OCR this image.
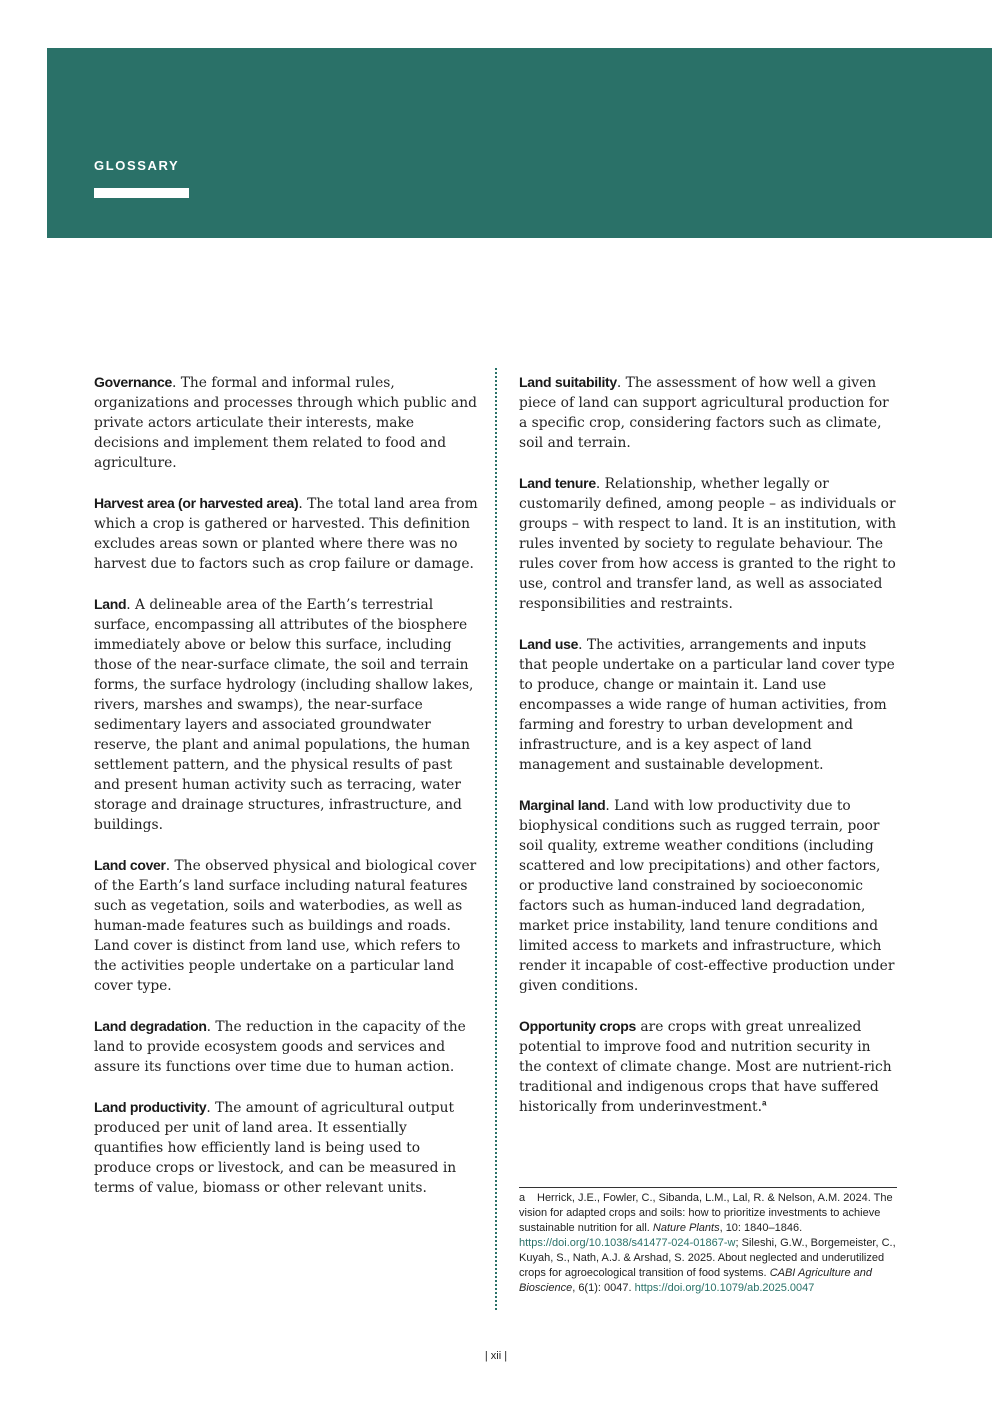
GLOSSARY

Governance. The formal and informal rules, organizations and processes through which public and private actors articulate their interests, make decisions and implement them related to food and agriculture.

Harvest area (or harvested area). The total land area from which a crop is gathered or harvested. This definition excludes areas sown or planted where there was no harvest due to factors such as crop failure or damage.

Land. A delineable area of the Earth’s terrestrial surface, encompassing all attributes of the biosphere immediately above or below this surface, including those of the near-surface climate, the soil and terrain forms, the surface hydrology (including shallow lakes, rivers, marshes and swamps), the near-surface sedimentary layers and associated groundwater reserve, the plant and animal populations, the human settlement pattern, and the physical results of past and present human activity such as terracing, water storage and drainage structures, infrastructure, and buildings.

Land cover. The observed physical and biological cover of the Earth’s land surface including natural features such as vegetation, soils and waterbodies, as well as human-made features such as buildings and roads. Land cover is distinct from land use, which refers to the activities people undertake on a particular land cover type.

Land degradation. The reduction in the capacity of the land to provide ecosystem goods and services and assure its functions over time due to human action.

Land productivity. The amount of agricultural output produced per unit of land area. It essentially quantifies how efficiently land is being used to produce crops or livestock, and can be measured in terms of value, biomass or other relevant units.

Land suitability. The assessment of how well a given piece of land can support agricultural production for a specific crop, considering factors such as climate, soil and terrain.

Land tenure. Relationship, whether legally or customarily defined, among people – as individuals or groups – with respect to land. It is an institution, with rules invented by society to regulate behaviour. The rules cover from how access is granted to the right to use, control and transfer land, as well as associated responsibilities and restraints.

Land use. The activities, arrangements and inputs that people undertake on a particular land cover type to produce, change or maintain it. Land use encompasses a wide range of human activities, from farming and forestry to urban development and infrastructure, and is a key aspect of land management and sustainable development.

Marginal land. Land with low productivity due to biophysical conditions such as rugged terrain, poor soil quality, extreme weather conditions (including scattered and low precipitations) and other factors, or productive land constrained by socioeconomic factors such as human-induced land degradation, market price instability, land tenure conditions and limited access to markets and infrastructure, which render it incapable of cost-effective production under given conditions.

Opportunity crops are crops with great unrealized potential to improve food and nutrition security in the context of climate change. Most are nutrient-rich traditional and indigenous crops that have suffered historically from underinvestment.$^a$

a Herrick, J.E., Fowler, C., Sibanda, L.M., Lal, R. & Nelson, A.M. 2024. The vision for adapted crops and soils: how to prioritize investments to achieve sustainable nutrition for all. Nature Plants, 10: 1840–1846. https://doi.org/10.1038/s41477-024-01867-w; Sileshi, G.W., Borgemeister, C., Kuyah, S., Nath, A.J. & Arshad, S. 2025. About neglected and underutilized crops for agroecological transition of food systems. CABI Agriculture and Bioscience, 6(1): 0047. https://doi.org/10.1079/ab.2025.0047
| xii |
